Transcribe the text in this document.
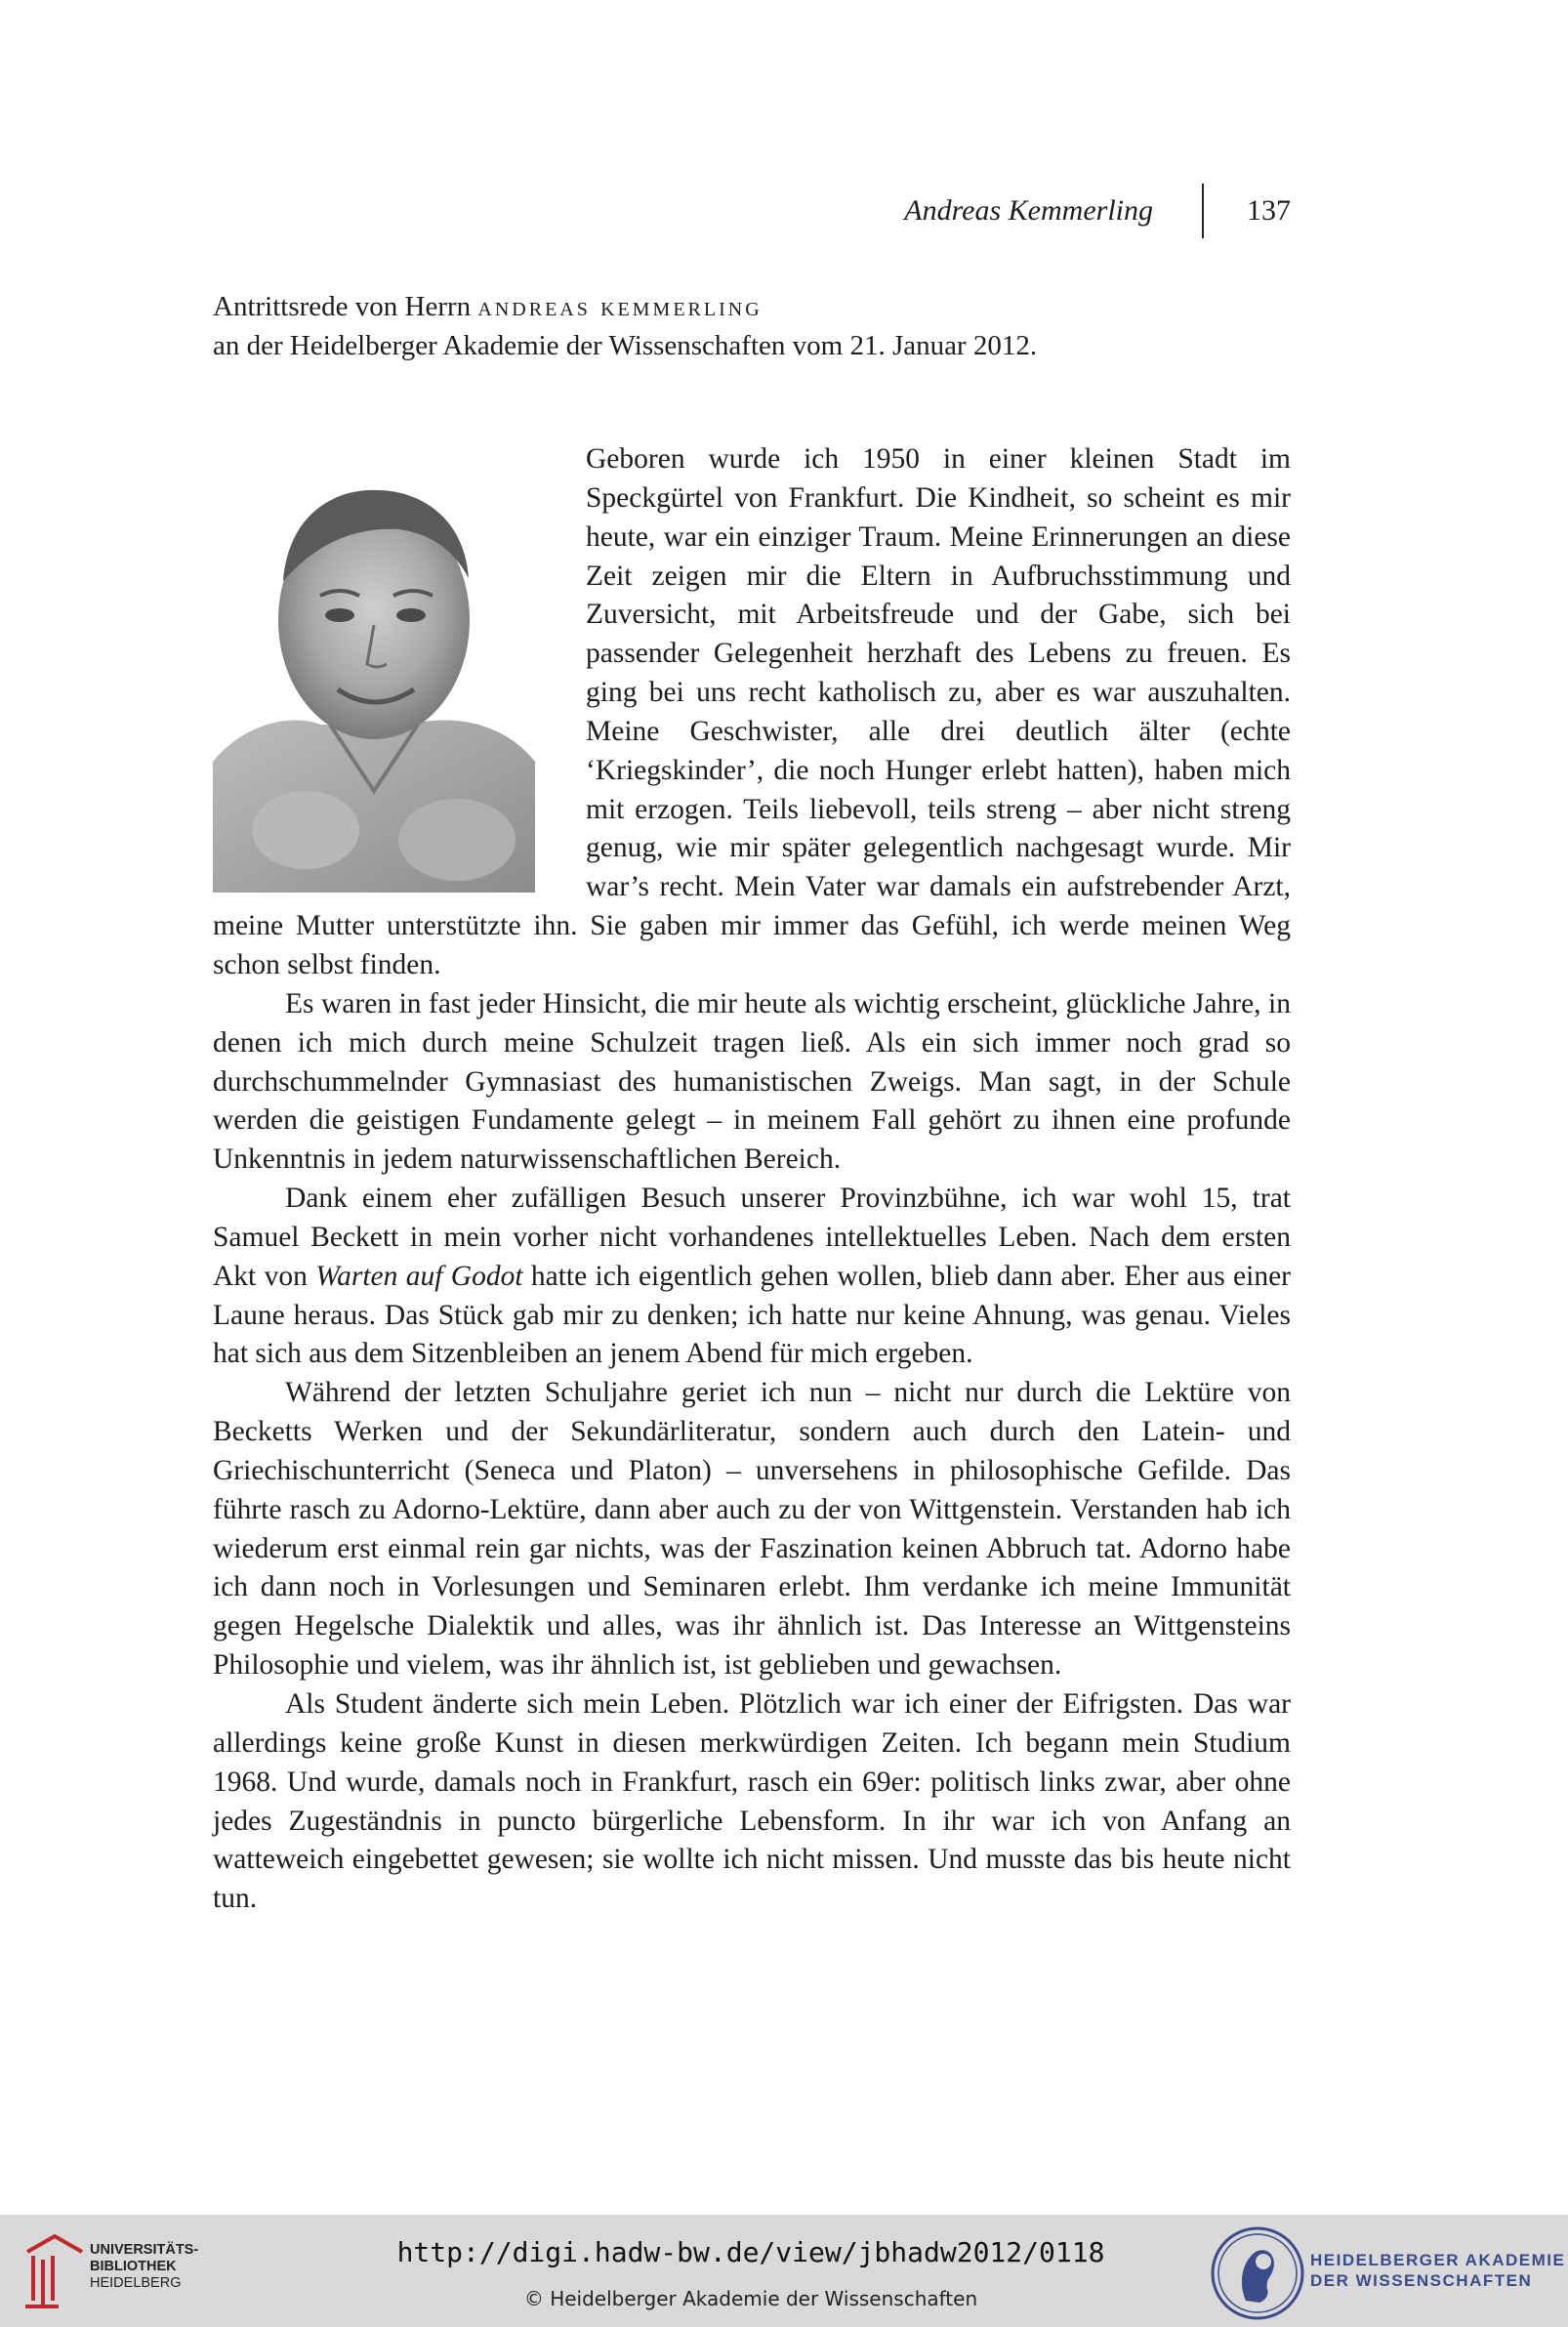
Andreas Kemmerling	137
Antrittsrede von Herrn andreas kemmerling
an der Heidelberger Akademie der Wissenschaften vom 21. Januar 2012.

Geboren wurde ich 1950 in einer kleinen Stadt im Speckgürtel von Frankfurt. Die Kindheit, so scheint es mir heute, war ein einziger Traum. Meine Erinnerungen an diese Zeit zeigen mir die Eltern in Aufbruchsstimmung und Zuversicht, mit Arbeitsfreude und der Gabe, sich bei passender Gelegenheit herzhaft des Lebens zu freuen. Es ging bei uns recht katholisch zu, aber es war auszuhalten. Meine Geschwister, alle drei deutlich älter (echte ‘Kriegskinder’, die noch Hunger erlebt hatten), haben mich mit erzogen. Teils liebevoll, teils streng – aber nicht streng genug, wie mir später gelegentlich nachgesagt wurde. Mir war’s recht. Mein Vater war damals ein aufstrebender Arzt, meine Mutter unterstützte ihn. Sie gaben mir immer das Gefühl, ich werde meinen Weg schon selbst finden.

Es waren in fast jeder Hinsicht, die mir heute als wichtig erscheint, glückliche Jahre, in denen ich mich durch meine Schulzeit tragen ließ. Als ein sich immer noch grad so durchschummelnder Gymnasiast des humanistischen Zweigs. Man sagt, in der Schule werden die geistigen Fundamente gelegt – in meinem Fall gehört zu ihnen eine profunde Unkenntnis in jedem naturwissenschaftlichen Bereich.

Dank einem eher zufälligen Besuch unserer Provinzbühne, ich war wohl 15, trat Samuel Beckett in mein vorher nicht vorhandenes intellektuelles Leben. Nach dem ersten Akt von Warten auf Godot hatte ich eigentlich gehen wollen, blieb dann aber. Eher aus einer Laune heraus. Das Stück gab mir zu denken; ich hatte nur keine Ahnung, was genau. Vieles hat sich aus dem Sitzenbleiben an jenem Abend für mich ergeben.

Während der letzten Schuljahre geriet ich nun – nicht nur durch die Lektüre von Becketts Werken und der Sekundärliteratur, sondern auch durch den Latein- und Griechischunterricht (Seneca und Platon) – unversehens in philosophische Gefilde. Das führte rasch zu Adorno-Lektüre, dann aber auch zu der von Wittgenstein. Verstanden hab ich wiederum erst einmal rein gar nichts, was der Faszination keinen Abbruch tat. Adorno habe ich dann noch in Vorlesungen und Seminaren erlebt. Ihm verdanke ich meine Immunität gegen Hegelsche Dialektik und alles, was ihr ähnlich ist. Das Interesse an Wittgensteins Philosophie und vielem, was ihr ähnlich ist, ist geblieben und gewachsen.

Als Student änderte sich mein Leben. Plötzlich war ich einer der Eifrigsten. Das war allerdings keine große Kunst in diesen merkwürdigen Zeiten. Ich begann mein Studium 1968. Und wurde, damals noch in Frankfurt, rasch ein 69er: politisch links zwar, aber ohne jedes Zugeständnis in puncto bürgerliche Lebensform. In ihr war ich von Anfang an watteweich eingebettet gewesen; sie wollte ich nicht missen. Und musste das bis heute nicht tun.

UNIVERSITÄTS-
BIBLIOTHEK
HEIDELBERG
http://digi.hadw-bw.de/view/jbhadw2012/0118
© Heidelberger Akademie der Wissenschaften
HEIDELBERGER AKADEMIE
DER WISSENSCHAFTEN
